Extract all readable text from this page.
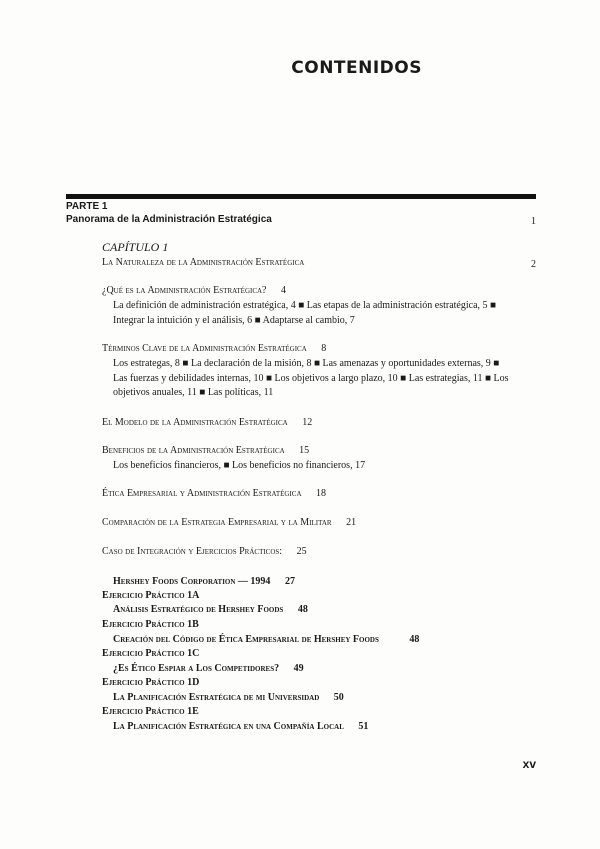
CONTENIDOS
PARTE 1
Panorama de la Administración Estratégica	1
CAPÍTULO 1
La Naturaleza de la Administración Estratégica	2
¿Qué es la Administración Estratégica? 4
La definición de administración estratégica, 4 ■ Las etapas de la administración estratégica, 5 ■
Integrar la intuición y el análisis, 6 ■ Adaptarse al cambio, 7
Términos Clave de la Administración Estratégica 8
Los estrategas, 8 ■ La declaración de la misión, 8 ■ Las amenazas y oportunidades externas, 9 ■
Las fuerzas y debilidades internas, 10 ■ Los objetivos a largo plazo, 10 ■ Las estrategias, 11 ■ Los
objetivos anuales, 11 ■ Las políticas, 11
El Modelo de la Administración Estratégica 12
Beneficios de la Administración Estratégica 15
Los beneficios financieros, ■ Los beneficios no financieros, 17
Ética Empresarial y Administración Estratégica 18
Comparación de la Estrategia Empresarial y la Militar 21
Caso de Integración y Ejercicios Prácticos: 25
Hershey Foods Corporation — 1994 27
Ejercicio Práctico 1A
Análisis Estratégico de Hershey Foods 48
Ejercicio Práctico 1B
Creación del Código de Ética Empresarial de Hershey Foods	48
Ejercicio Práctico 1C
¿Es Ético Espiar a Los Competidores? 49
Ejercicio Práctico 1D
La Planificación Estratégica de mi Universidad 50
Ejercicio Práctico 1E
La Planificación Estratégica en una Compañía Local 51
xv
